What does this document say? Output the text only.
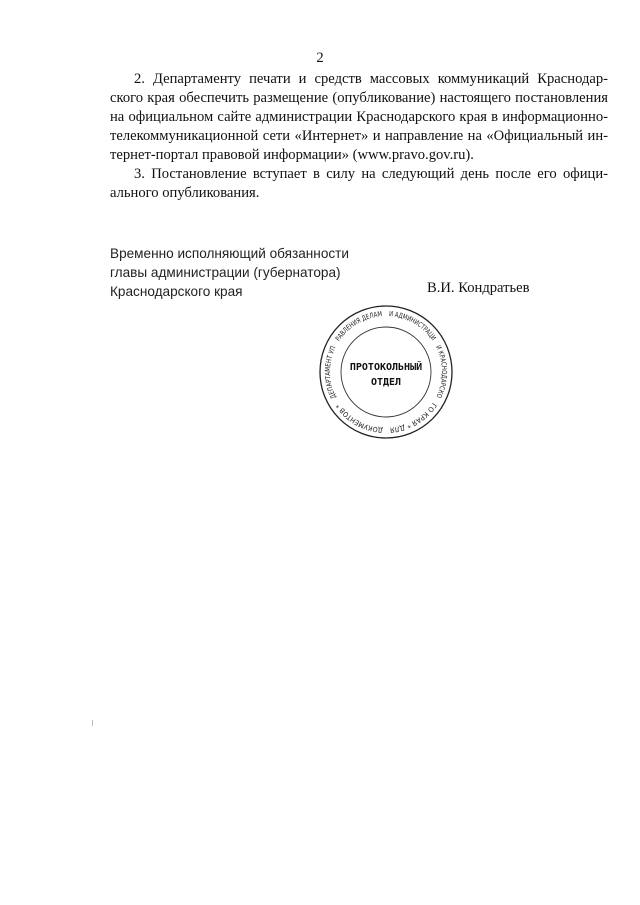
2
2. Департаменту печати и средств массовых коммуникаций Краснодар-
ского края обеспечить размещение (опубликование) настоящего постановления
на официальном сайте администрации Краснодарского края в информационно-
телекоммуникационной сети «Интернет» и направление на «Официальный ин-
тернет-портал правовой информации» (www.pravo.gov.ru).
3. Постановление вступает в силу на следующий день после его офици-
ального опубликования.
Временно исполняющий обязанности
главы администрации (губернатора)
Краснодарского края	В.И. Кондратьев
ДЕПАРТАМЕНТ УП
РАВЛЕНИЯ ДЕЛАМ И АДМИНИСТРАЦИ
И КРАСНОДАРСКО
ГО КРАЯ * ДЛЯ
ДОКУМЕНТОВ *
ПРОТОКОЛЬНЫЙ
ОТДЕЛ
